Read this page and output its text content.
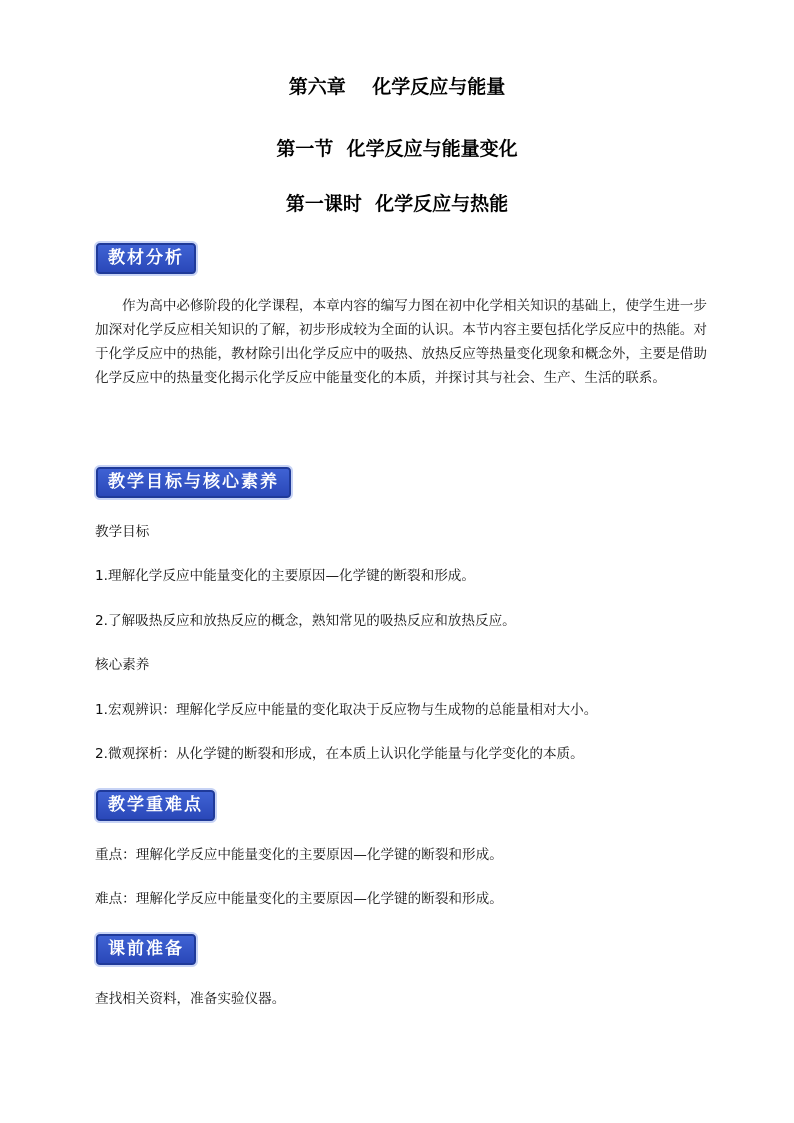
第六章    化学反应与能量
第一节  化学反应与能量变化
第一课时  化学反应与热能
教材分析
作为高中必修阶段的化学课程，本章内容的编写力图在初中化学相关知识的基础上，使学生进一步加深对化学反应相关知识的了解，初步形成较为全面的认识。本节内容主要包括化学反应中的热能。对于化学反应中的热能，教材除引出化学反应中的吸热、放热反应等热量变化现象和概念外，主要是借助化学反应中的热量变化揭示化学反应中能量变化的本质，并探讨其与社会、生产、生活的联系。
教学目标与核心素养
教学目标
1.理解化学反应中能量变化的主要原因—化学键的断裂和形成。
2.了解吸热反应和放热反应的概念，熟知常见的吸热反应和放热反应。
核心素养
1.宏观辨识：理解化学反应中能量的变化取决于反应物与生成物的总能量相对大小。
2.微观探析：从化学键的断裂和形成，在本质上认识化学能量与化学变化的本质。
教学重难点
重点：理解化学反应中能量变化的主要原因—化学键的断裂和形成。
难点：理解化学反应中能量变化的主要原因—化学键的断裂和形成。
课前准备
查找相关资料，准备实验仪器。
